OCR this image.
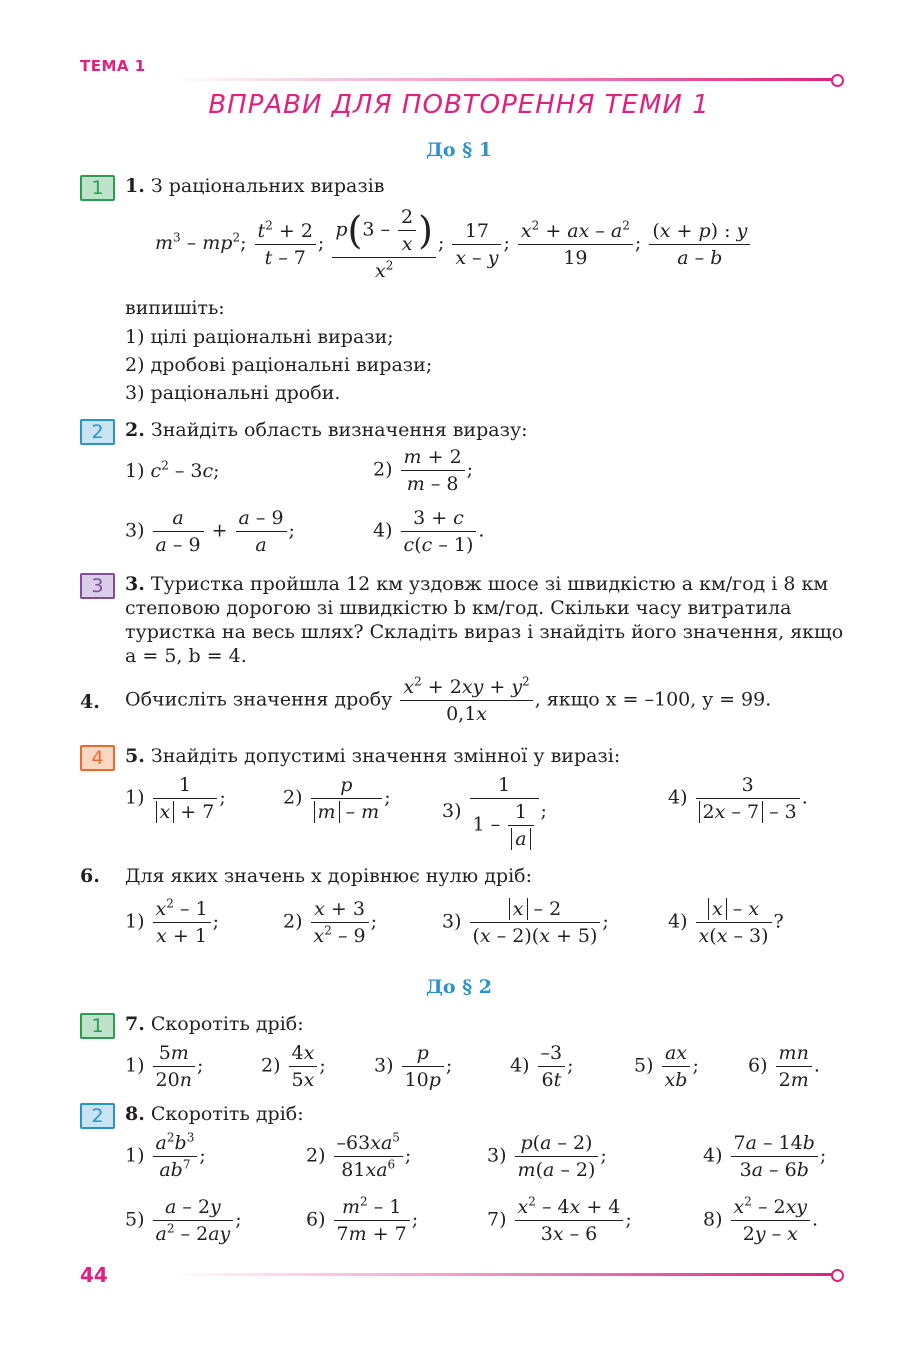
ТЕМА 1
ВПРАВИ ДЛЯ ПОВТОРЕННЯ ТЕМИ 1
До § 1
1	1. З раціональних виразів
$m^3 - mp^2$; $\frac{t^2 + 2}{t - 7}$ ; $\frac{p(3 - \frac{2}{x} )}{x^2}$ ; $\frac{17}{x - y}$ ; $\frac{x^2 + ax - a^2}{19}$ ; $\frac{(x + p) : y}{a - b}$
випишіть:
1) цілі раціональні вирази;
2) дробові раціональні вирази;
3) раціональні дроби.
2	2. Знайдіть область визначення виразу:
1) $c^2 - 3c$;	$2) \frac{m + 2}{m - 8}$ ;
$3) \frac{a}{a - 9} + \frac{a - 9}{a}$ ;	$4) \frac{3 + c}{c(c - 1)}$ .
3	3. Туристка пройшла 12 км уздовж шосе зі швидкістю a км/год і 8 км степовою дорогою зі швидкістю b км/год. Скільки часу витратила туристка на весь шлях? Складіть вираз і знайдіть його значення, якщо a = 5, b = 4.
4. Обчисліть значення дробу $\frac{x^2 + 2xy + y^2}{0,1x}$ , якщо x = –100, y = 99.
4	5. Знайдіть допустимі значення змінної у виразі:
$1) \frac{1}{x + 7}$ ;	$2) \frac{p}{m - m}$ ;
$3) \frac{1}{1 - \frac{1}{a}}$ ;
$4) \frac{3}{2x - 7 - 3}$ .
6. Для яких значень x дорівнює нулю дріб:
$1) \frac{x^2 - 1}{x + 1}$ ;	$2) \frac{x + 3}{x^2 - 9}$ ;	$3) \frac{x - 2}{(x - 2)(x + 5)}$ ;	$4) \frac{x - x}{x(x - 3)}$ ?
До § 2
1	7. Скоротіть дріб:
$1) \frac{5m}{20n}$ ;	$2) \frac{4x}{5x}$ ;	$3) \frac{p}{10p}$ ;	$4) \frac{-3}{6t}$ ;	$5) \frac{ax}{xb}$ ;	$6) \frac{mn}{2m}$ .
2	8. Скоротіть дріб:
$1) \frac{a^2b^3}{ab^7}$ ;	$2) \frac{-63xa^5}{81xa^6}$ ;	$3) \frac{p(a - 2)}{m(a - 2)}$ ;	$4) \frac{7a - 14b}{3a - 6b}$ ;
$5) \frac{a - 2y}{a^2 - 2ay}$ ;	$6) \frac{m^2 - 1}{7m + 7}$ ;	$7) \frac{x^2 - 4x + 4}{3x - 6}$ ;	$8) \frac{x^2 - 2xy}{2y - x}$ .
44
